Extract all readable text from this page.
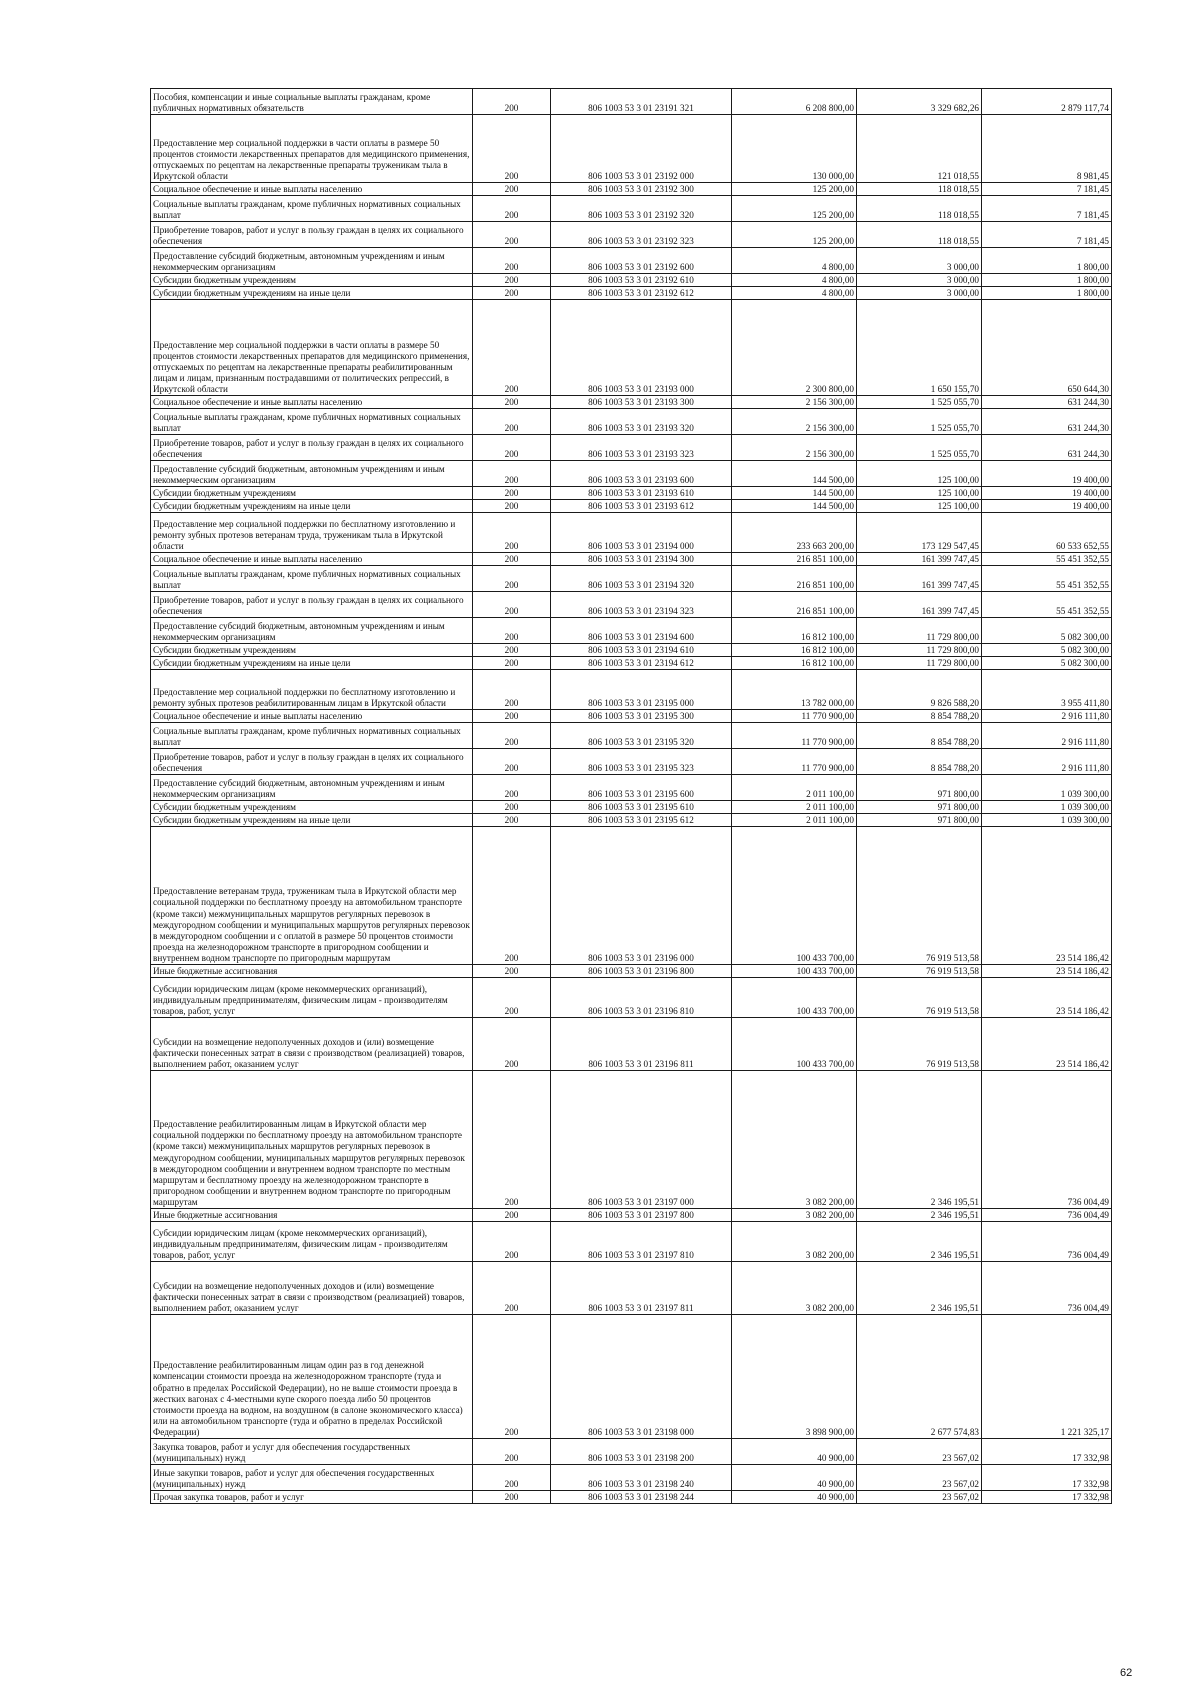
Пособия, компенсации и иные социальные выплаты гражданам, кроме публичных нормативных обязательств	200	806 1003 53 3 01 23191 321	6 208 800,00	3 329 682,26	2 879 117,74
Предоставление мер социальной поддержки в части оплаты в размере 50 процентов стоимости лекарственных препаратов для медицинского применения, отпускаемых по рецептам на лекарственные препараты труженикам тыла в Иркутской области	200	806 1003 53 3 01 23192 000	130 000,00	121 018,55	8 981,45
Социальное обеспечение и иные выплаты населению	200	806 1003 53 3 01 23192 300	125 200,00	118 018,55	7 181,45
Социальные выплаты гражданам, кроме публичных нормативных социальных выплат	200	806 1003 53 3 01 23192 320	125 200,00	118 018,55	7 181,45
Приобретение товаров, работ и услуг в пользу граждан в целях их социального обеспечения	200	806 1003 53 3 01 23192 323	125 200,00	118 018,55	7 181,45
Предоставление субсидий бюджетным, автономным учреждениям и иным некоммерческим организациям	200	806 1003 53 3 01 23192 600	4 800,00	3 000,00	1 800,00
Субсидии бюджетным учреждениям	200	806 1003 53 3 01 23192 610	4 800,00	3 000,00	1 800,00
Субсидии бюджетным учреждениям на иные цели	200	806 1003 53 3 01 23192 612	4 800,00	3 000,00	1 800,00
Предоставление мер социальной поддержки в части оплаты в размере 50 процентов стоимости лекарственных препаратов для медицинского применения, отпускаемых по рецептам на лекарственные препараты реабилитированным лицам и лицам, признанным пострадавшими от политических репрессий, в Иркутской области	200	806 1003 53 3 01 23193 000	2 300 800,00	1 650 155,70	650 644,30
Социальное обеспечение и иные выплаты населению	200	806 1003 53 3 01 23193 300	2 156 300,00	1 525 055,70	631 244,30
Социальные выплаты гражданам, кроме публичных нормативных социальных выплат	200	806 1003 53 3 01 23193 320	2 156 300,00	1 525 055,70	631 244,30
Приобретение товаров, работ и услуг в пользу граждан в целях их социального обеспечения	200	806 1003 53 3 01 23193 323	2 156 300,00	1 525 055,70	631 244,30
Предоставление субсидий бюджетным, автономным учреждениям и иным некоммерческим организациям	200	806 1003 53 3 01 23193 600	144 500,00	125 100,00	19 400,00
Субсидии бюджетным учреждениям	200	806 1003 53 3 01 23193 610	144 500,00	125 100,00	19 400,00
Субсидии бюджетным учреждениям на иные цели	200	806 1003 53 3 01 23193 612	144 500,00	125 100,00	19 400,00
Предоставление мер социальной поддержки по бесплатному изготовлению и ремонту зубных протезов ветеранам труда, труженикам тыла в Иркутской области	200	806 1003 53 3 01 23194 000	233 663 200,00	173 129 547,45	60 533 652,55
Социальное обеспечение и иные выплаты населению	200	806 1003 53 3 01 23194 300	216 851 100,00	161 399 747,45	55 451 352,55
Социальные выплаты гражданам, кроме публичных нормативных социальных выплат	200	806 1003 53 3 01 23194 320	216 851 100,00	161 399 747,45	55 451 352,55
Приобретение товаров, работ и услуг в пользу граждан в целях их социального обеспечения	200	806 1003 53 3 01 23194 323	216 851 100,00	161 399 747,45	55 451 352,55
Предоставление субсидий бюджетным, автономным учреждениям и иным некоммерческим организациям	200	806 1003 53 3 01 23194 600	16 812 100,00	11 729 800,00	5 082 300,00
Субсидии бюджетным учреждениям	200	806 1003 53 3 01 23194 610	16 812 100,00	11 729 800,00	5 082 300,00
Субсидии бюджетным учреждениям на иные цели	200	806 1003 53 3 01 23194 612	16 812 100,00	11 729 800,00	5 082 300,00
Предоставление мер социальной поддержки по бесплатному изготовлению и ремонту зубных протезов реабилитированным лицам в Иркутской области	200	806 1003 53 3 01 23195 000	13 782 000,00	9 826 588,20	3 955 411,80
Социальное обеспечение и иные выплаты населению	200	806 1003 53 3 01 23195 300	11 770 900,00	8 854 788,20	2 916 111,80
Социальные выплаты гражданам, кроме публичных нормативных социальных выплат	200	806 1003 53 3 01 23195 320	11 770 900,00	8 854 788,20	2 916 111,80
Приобретение товаров, работ и услуг в пользу граждан в целях их социального обеспечения	200	806 1003 53 3 01 23195 323	11 770 900,00	8 854 788,20	2 916 111,80
Предоставление субсидий бюджетным, автономным учреждениям и иным некоммерческим организациям	200	806 1003 53 3 01 23195 600	2 011 100,00	971 800,00	1 039 300,00
Субсидии бюджетным учреждениям	200	806 1003 53 3 01 23195 610	2 011 100,00	971 800,00	1 039 300,00
Субсидии бюджетным учреждениям на иные цели	200	806 1003 53 3 01 23195 612	2 011 100,00	971 800,00	1 039 300,00
Предоставление ветеранам труда, труженикам тыла в Иркутской области мер социальной поддержки по бесплатному проезду на автомобильном транспорте (кроме такси) межмуниципальных маршрутов регулярных перевозок в междугородном сообщении и муниципальных маршрутов регулярных перевозок в междугородном сообщении и с оплатой в размере 50 процентов стоимости проезда на железнодорожном транспорте в пригородном сообщении и внутреннем водном транспорте по пригородным маршрутам	200	806 1003 53 3 01 23196 000	100 433 700,00	76 919 513,58	23 514 186,42
Иные бюджетные ассигнования	200	806 1003 53 3 01 23196 800	100 433 700,00	76 919 513,58	23 514 186,42
Субсидии юридическим лицам (кроме некоммерческих организаций), индивидуальным предпринимателям, физическим лицам - производителям товаров, работ, услуг	200	806 1003 53 3 01 23196 810	100 433 700,00	76 919 513,58	23 514 186,42
Субсидии на возмещение недополученных доходов и (или) возмещение фактически понесенных затрат в связи с производством (реализацией) товаров, выполнением работ, оказанием услуг	200	806 1003 53 3 01 23196 811	100 433 700,00	76 919 513,58	23 514 186,42
Предоставление реабилитированным лицам в Иркутской области мер социальной поддержки по бесплатному проезду на автомобильном транспорте (кроме такси) межмуниципальных маршрутов регулярных перевозок в междугородном сообщении, муниципальных маршрутов регулярных перевозок в междугородном сообщении и внутреннем водном транспорте по местным маршрутам и бесплатному проезду на железнодорожном транспорте в пригородном сообщении и внутреннем водном транспорте по пригородным маршрутам	200	806 1003 53 3 01 23197 000	3 082 200,00	2 346 195,51	736 004,49
Иные бюджетные ассигнования	200	806 1003 53 3 01 23197 800	3 082 200,00	2 346 195,51	736 004,49
Субсидии юридическим лицам (кроме некоммерческих организаций), индивидуальным предпринимателям, физическим лицам - производителям товаров, работ, услуг	200	806 1003 53 3 01 23197 810	3 082 200,00	2 346 195,51	736 004,49
Субсидии на возмещение недополученных доходов и (или) возмещение фактически понесенных затрат в связи с производством (реализацией) товаров, выполнением работ, оказанием услуг	200	806 1003 53 3 01 23197 811	3 082 200,00	2 346 195,51	736 004,49
Предоставление реабилитированным лицам один раз в год денежной компенсации стоимости проезда на железнодорожном транспорте (туда и обратно в пределах Российской Федерации), но не выше стоимости проезда в жестких вагонах с 4-местными купе скорого поезда либо 50 процентов стоимости проезда на водном, на воздушном (в салоне экономического класса) или на автомобильном транспорте (туда и обратно в пределах Российской Федерации)	200	806 1003 53 3 01 23198 000	3 898 900,00	2 677 574,83	1 221 325,17
Закупка товаров, работ и услуг для обеспечения государственных (муниципальных) нужд	200	806 1003 53 3 01 23198 200	40 900,00	23 567,02	17 332,98
Иные закупки товаров, работ и услуг для обеспечения государственных (муниципальных) нужд	200	806 1003 53 3 01 23198 240	40 900,00	23 567,02	17 332,98
Прочая закупка товаров, работ и услуг	200	806 1003 53 3 01 23198 244	40 900,00	23 567,02	17 332,98
62
